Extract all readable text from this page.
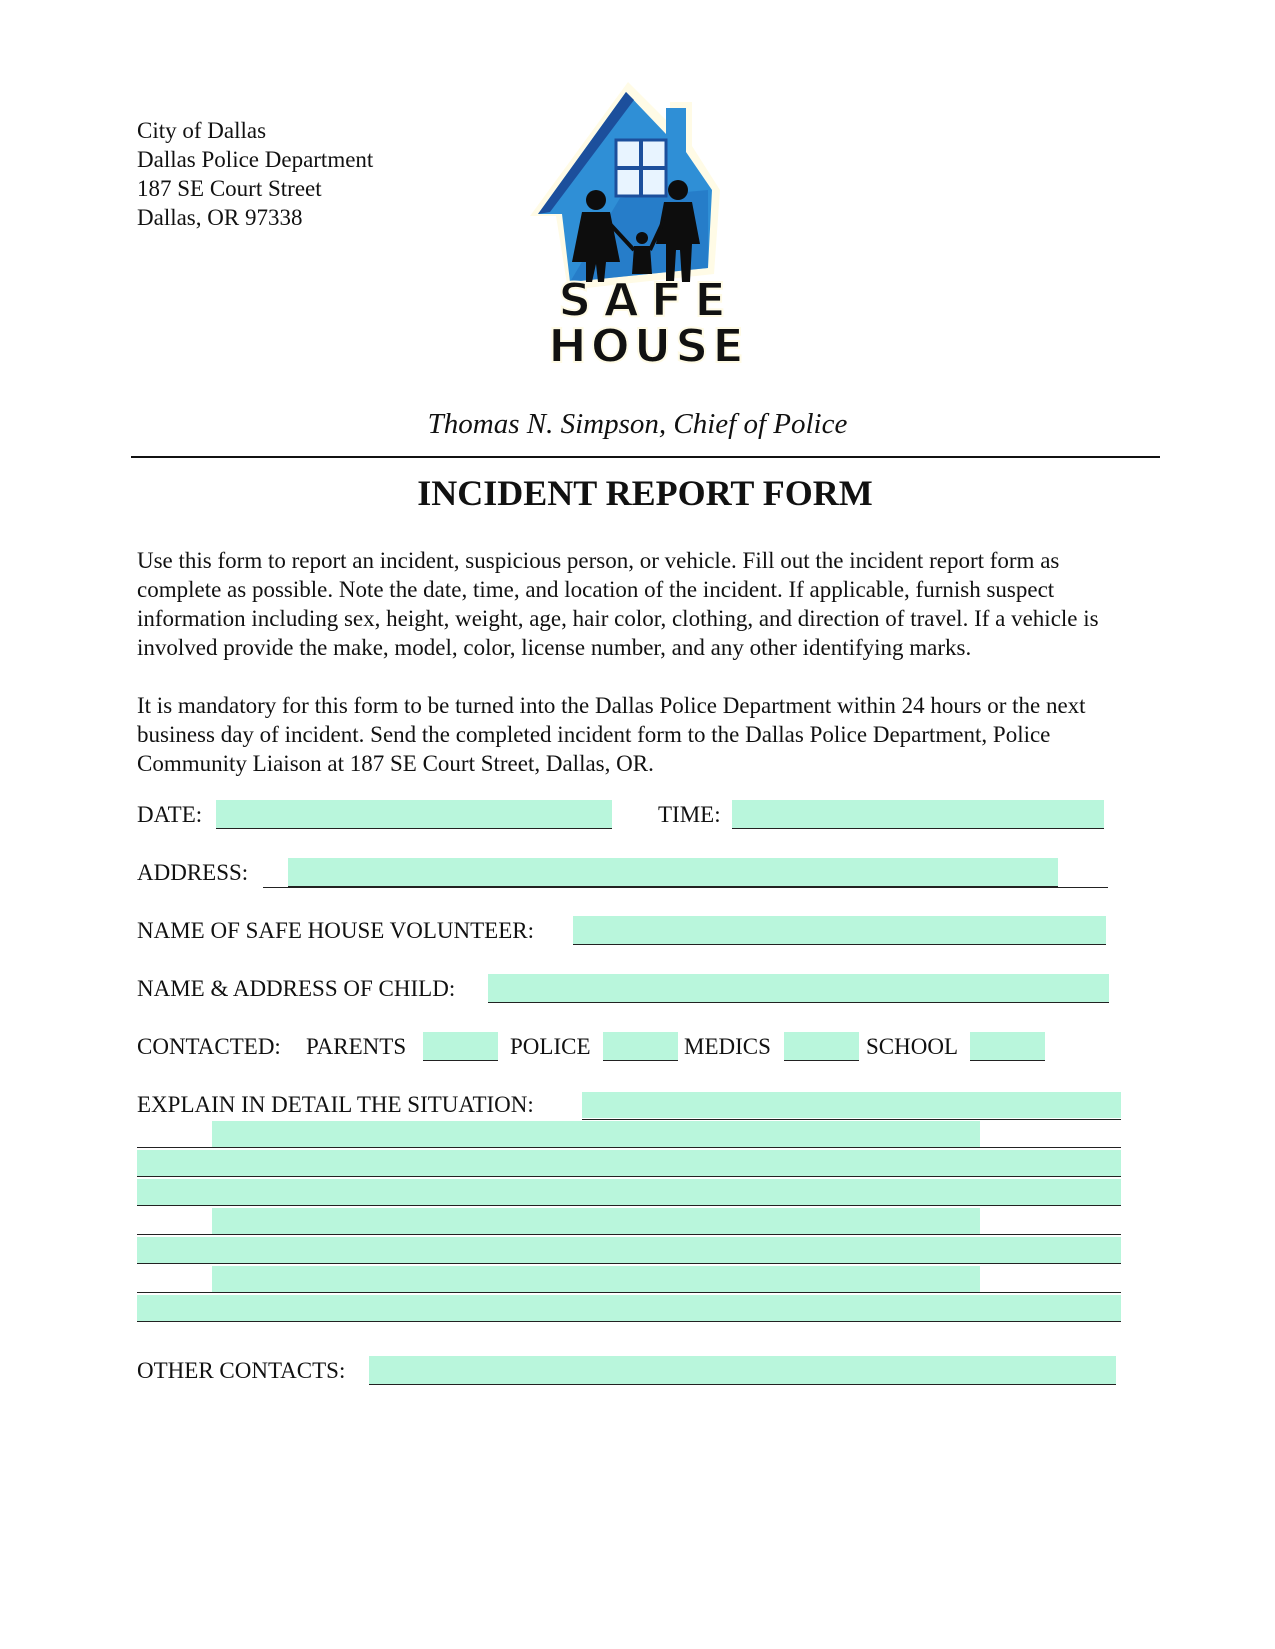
City of Dallas
Dallas Police Department
187 SE Court Street
Dallas, OR 97338
SAFE
HOUSE
Thomas N. Simpson, Chief of Police
INCIDENT REPORT FORM
Use this form to report an incident, suspicious person, or vehicle. Fill out the incident report form as complete as possible. Note the date, time, and location of the incident. If applicable, furnish suspect information including sex, height, weight, age, hair color, clothing, and direction of travel. If a vehicle is involved provide the make, model, color, license number, and any other identifying marks.
It is mandatory for this form to be turned into the Dallas Police Department within 24 hours or the next business day of incident. Send the completed incident form to the Dallas Police Department, Police Community Liaison at 187 SE Court Street, Dallas, OR.
DATE:	TIME:
ADDRESS:
NAME OF SAFE HOUSE VOLUNTEER:
NAME & ADDRESS OF CHILD:
CONTACTED: PARENTS	POLICE	MEDICS	SCHOOL
EXPLAIN IN DETAIL THE SITUATION:
OTHER CONTACTS:
